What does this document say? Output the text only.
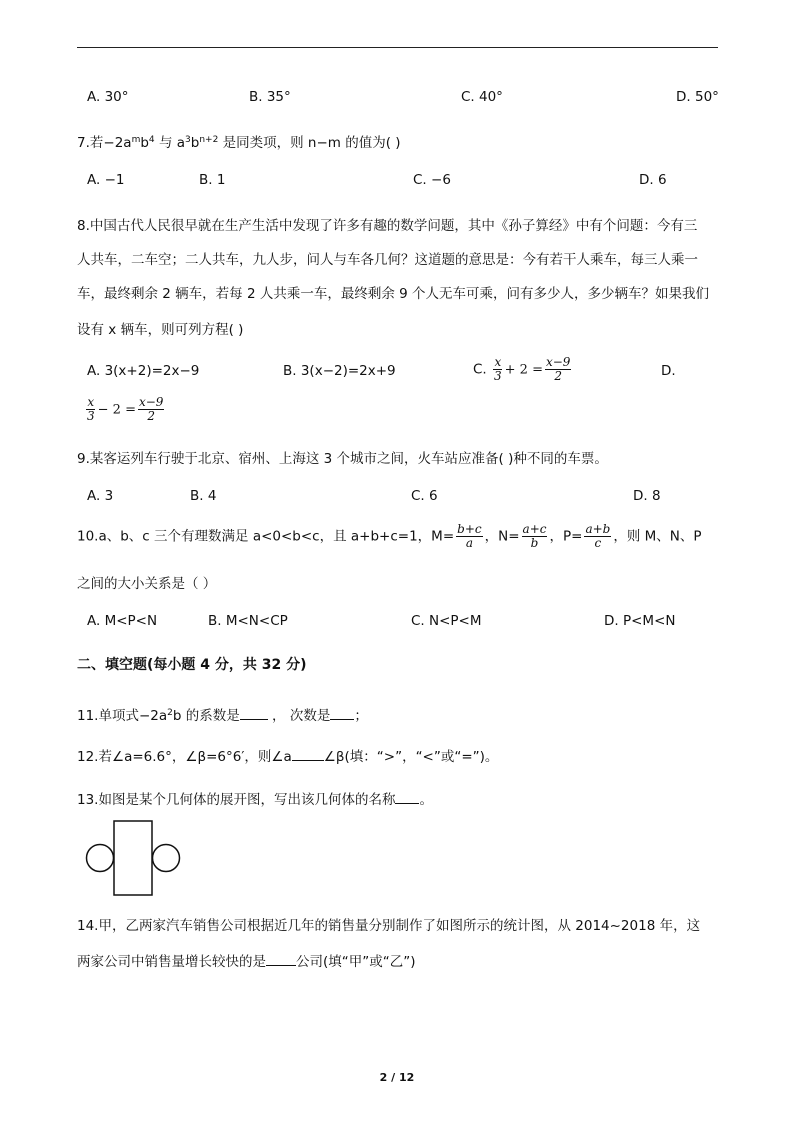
A. 30°	B. 35°	C. 40°	D. 50°
7.若$-2a^mb^4$ 与 $a^3b^{n+2}$ 是同类项，则 n−m 的值为( )
A. −1	B. 1	C. −6	D. 6
8.中国古代人民很早就在生产生活中发现了许多有趣的数学问题，其中《孙子算经》中有个问题：今有三
人共车，二车空；二人共车，九人步，问人与车各几何？这道题的意思是：今有若干人乘车，每三人乘一
车，最终剩余 2 辆车，若每 2 人共乘一车，最终剩余 9 个人无车可乘，问有多少人，多少辆车？如果我们
设有 x 辆车，则可列方程( )
A. 3(x+2)=2x−9	B. 3(x−2)=2x+9	C. $\frac{x}{3} + 2 = \frac{x-9}{2}$	D.
$\frac{x}{3} - 2 = \frac{x-9}{2}$
9.某客运列车行驶于北京、宿州、上海这 3 个城市之间，火车站应准备( )种不同的车票。
A. 3	B. 4	C. 6	D. 8
10.a、b、c 三个有理数满足 a<0<b<c，且 a+b+c=1，$M= \frac{b+c}{a}$ ，$N= \frac{a+c}{b}$ ，$P= \frac{a+b}{c}$ ，则 M、N、P
之间的大小关系是（ ）
A. M<P<N	B. M<N<CP	C. N<P<M	D. P<M<N
二、填空题(每小题 4 分，共 32 分)
11.单项式$-2a^2b$ 的系数是 ， 次数是 ；
12.若∠a=6.6°，∠β=6°6′，则∠a ∠β(填：“>”，“<”或“=”)。
13.如图是某个几何体的展开图，写出该几何体的名称 。
14.甲，乙两家汽车销售公司根据近几年的销售量分别制作了如图所示的统计图，从 2014~2018 年，这
两家公司中销售量增长较快的是 公司(填“甲”或“乙”)
2 / 12
